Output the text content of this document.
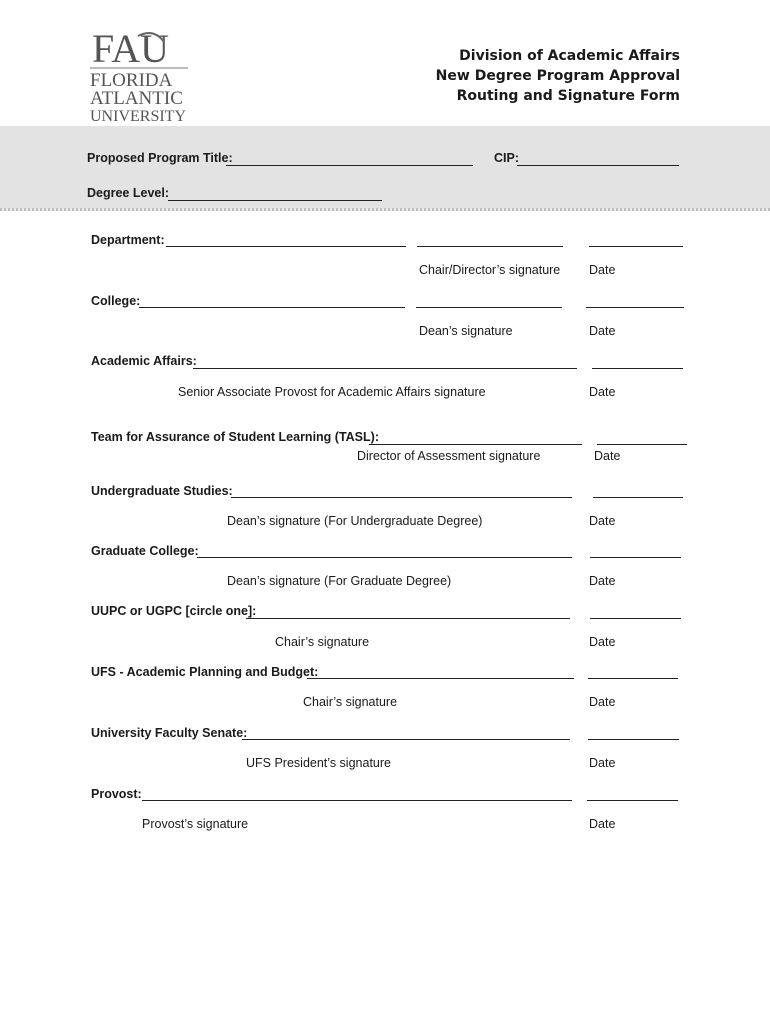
FAU
FLORIDA
ATLANTIC
UNIVERSITY
Division of Academic Affairs
New Degree Program Approval
Routing and Signature Form
Proposed Program Title:	CIP:
Degree Level:
Department:
Chair/Director’s signature Date
College:
Dean’s signature	Date
Academic Affairs:
Senior Associate Provost for Academic Affairs signature	Date
Team for Assurance of Student Learning (TASL):
Director of Assessment signature	Date
Undergraduate Studies:
Dean’s signature (For Undergraduate Degree)	Date
Graduate College:
Dean’s signature (For Graduate Degree)	Date
UUPC or UGPC [circle one]:
Chair’s signature	Date
UFS - Academic Planning and Budget:
Chair’s signature	Date
University Faculty Senate:
UFS President’s signature	Date
Provost:
Provost’s signature	Date
